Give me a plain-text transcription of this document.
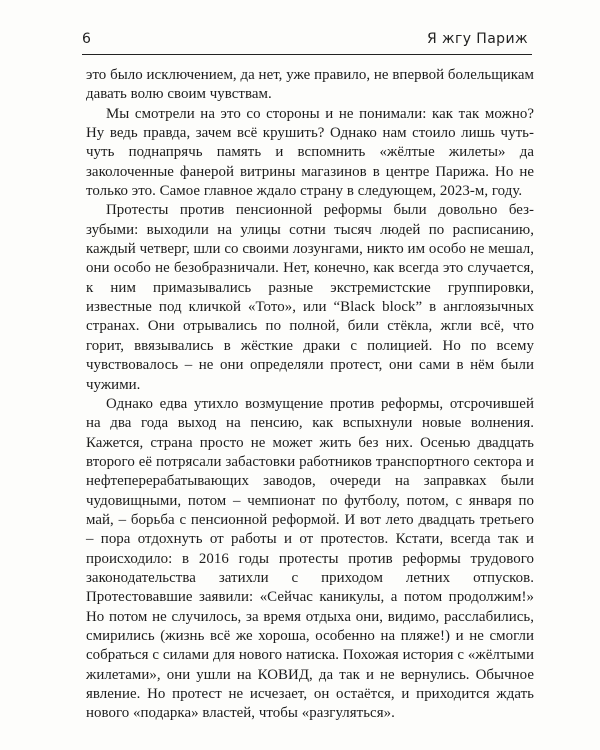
6	Я жгу Париж

это было исключением, да нет, уже правило, не впервой болельщикам давать волю своим чувствам.

Мы смотрели на это со стороны и не понимали: как так можно? Ну ведь правда, зачем всё крушить? Однако нам стоило лишь чуть-чуть поднапрячь память и вспомнить «жёлтые жилеты» да заколоченные фанерой витрины магазинов в центре Парижа. Но не только это. Самое главное ждало страну в следующем, 2023-м, году.

Протесты против пенсионной реформы были довольно беззубыми: выходили на улицы сотни тысяч людей по расписанию, каждый четверг, шли со своими лозунгами, никто им особо не мешал, они особо не безобразничали. Нет, конечно, как всегда это случается, к ним примазывались разные экстремистские группировки, известные под кличкой «Тото», или “Black block” в англоязычных странах. Они отрывались по полной, били стёкла, жгли всё, что горит, ввязывались в жёсткие драки с полицией. Но по всему чувствовалось – не они определяли протест, они сами в нём были чужими.

Однако едва утихло возмущение против реформы, отсрочившей на два года выход на пенсию, как вспыхнули новые волнения. Кажется, страна просто не может жить без них. Осенью двадцать второго её потрясали забастовки работников транспортного сектора и нефтеперерабатывающих заводов, очереди на заправках были чудовищными, потом – чемпионат по футболу, потом, с января по май, – борьба с пенсионной реформой. И вот лето двадцать третьего – пора отдохнуть от работы и от протестов. Кстати, всегда так и происходило: в 2016 годы протесты против реформы трудового законодательства затихли с приходом летних отпусков. Протестовавшие заявили: «Сейчас каникулы, а потом продолжим!» Но потом не случилось, за время отдыха они, видимо, расслабились, смирились (жизнь всё же хороша, особенно на пляже!) и не смогли собраться с силами для нового натиска. Похожая история с «жёлтыми жилетами», они ушли на КОВИД, да так и не вернулись. Обычное явление. Но протест не исчезает, он остаётся, и приходится ждать нового «подарка» властей, чтобы «разгуляться».
